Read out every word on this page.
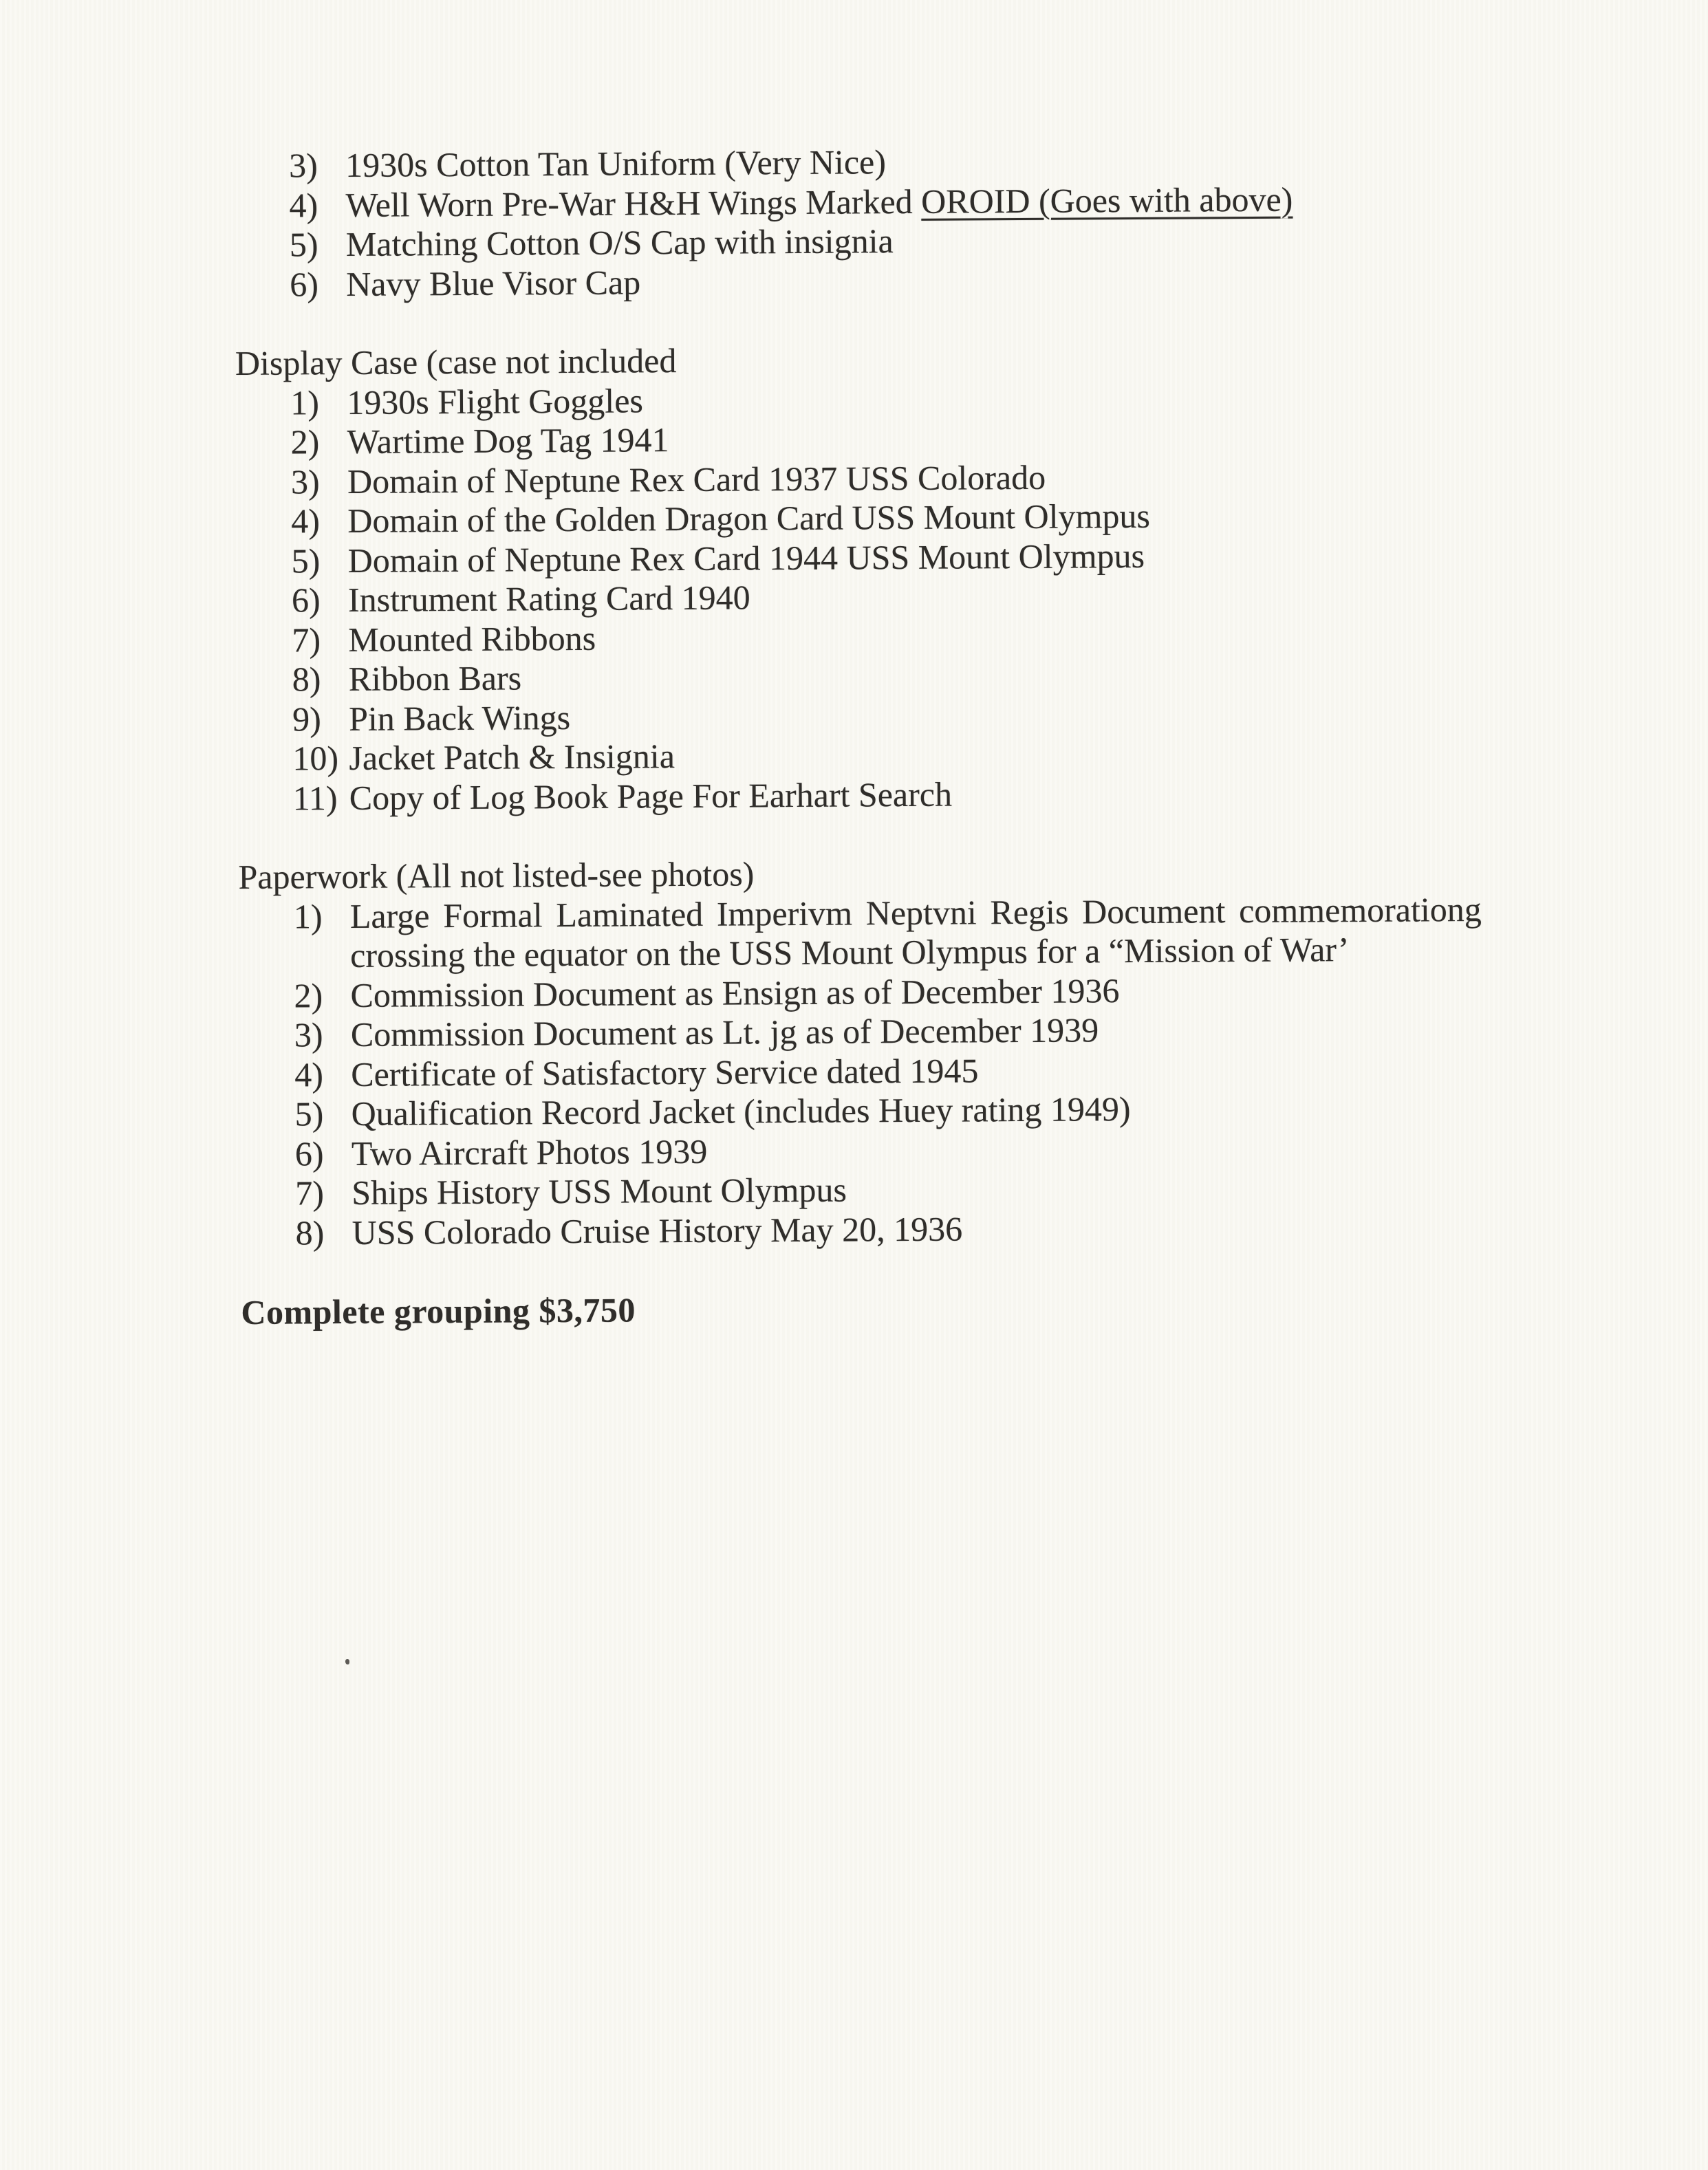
3) 1930s Cotton Tan Uniform (Very Nice)
4) Well Worn Pre-War H&H Wings Marked OROID (Goes with above)
5) Matching Cotton O/S Cap with insignia
6) Navy Blue Visor Cap
Display Case (case not included
1) 1930s Flight Goggles
2) Wartime Dog Tag 1941
3) Domain of Neptune Rex Card 1937 USS Colorado
4) Domain of the Golden Dragon Card USS Mount Olympus
5) Domain of Neptune Rex Card 1944 USS Mount Olympus
6) Instrument Rating Card 1940
7) Mounted Ribbons
8) Ribbon Bars
9) Pin Back Wings
10) Jacket Patch & Insignia
11) Copy of Log Book Page For Earhart Search
Paperwork (All not listed-see photos)
1) Large Formal Laminated Imperivm Neptvni Regis Document commemorationg crossing the equator on the USS Mount Olympus for a “Mission of War’
2) Commission Document as Ensign as of December 1936
3) Commission Document as Lt. jg as of December 1939
4) Certificate of Satisfactory Service dated 1945
5) Qualification Record Jacket (includes Huey rating 1949)
6) Two Aircraft Photos 1939
7) Ships History USS Mount Olympus
8) USS Colorado Cruise History May 20, 1936
Complete grouping $3,750
